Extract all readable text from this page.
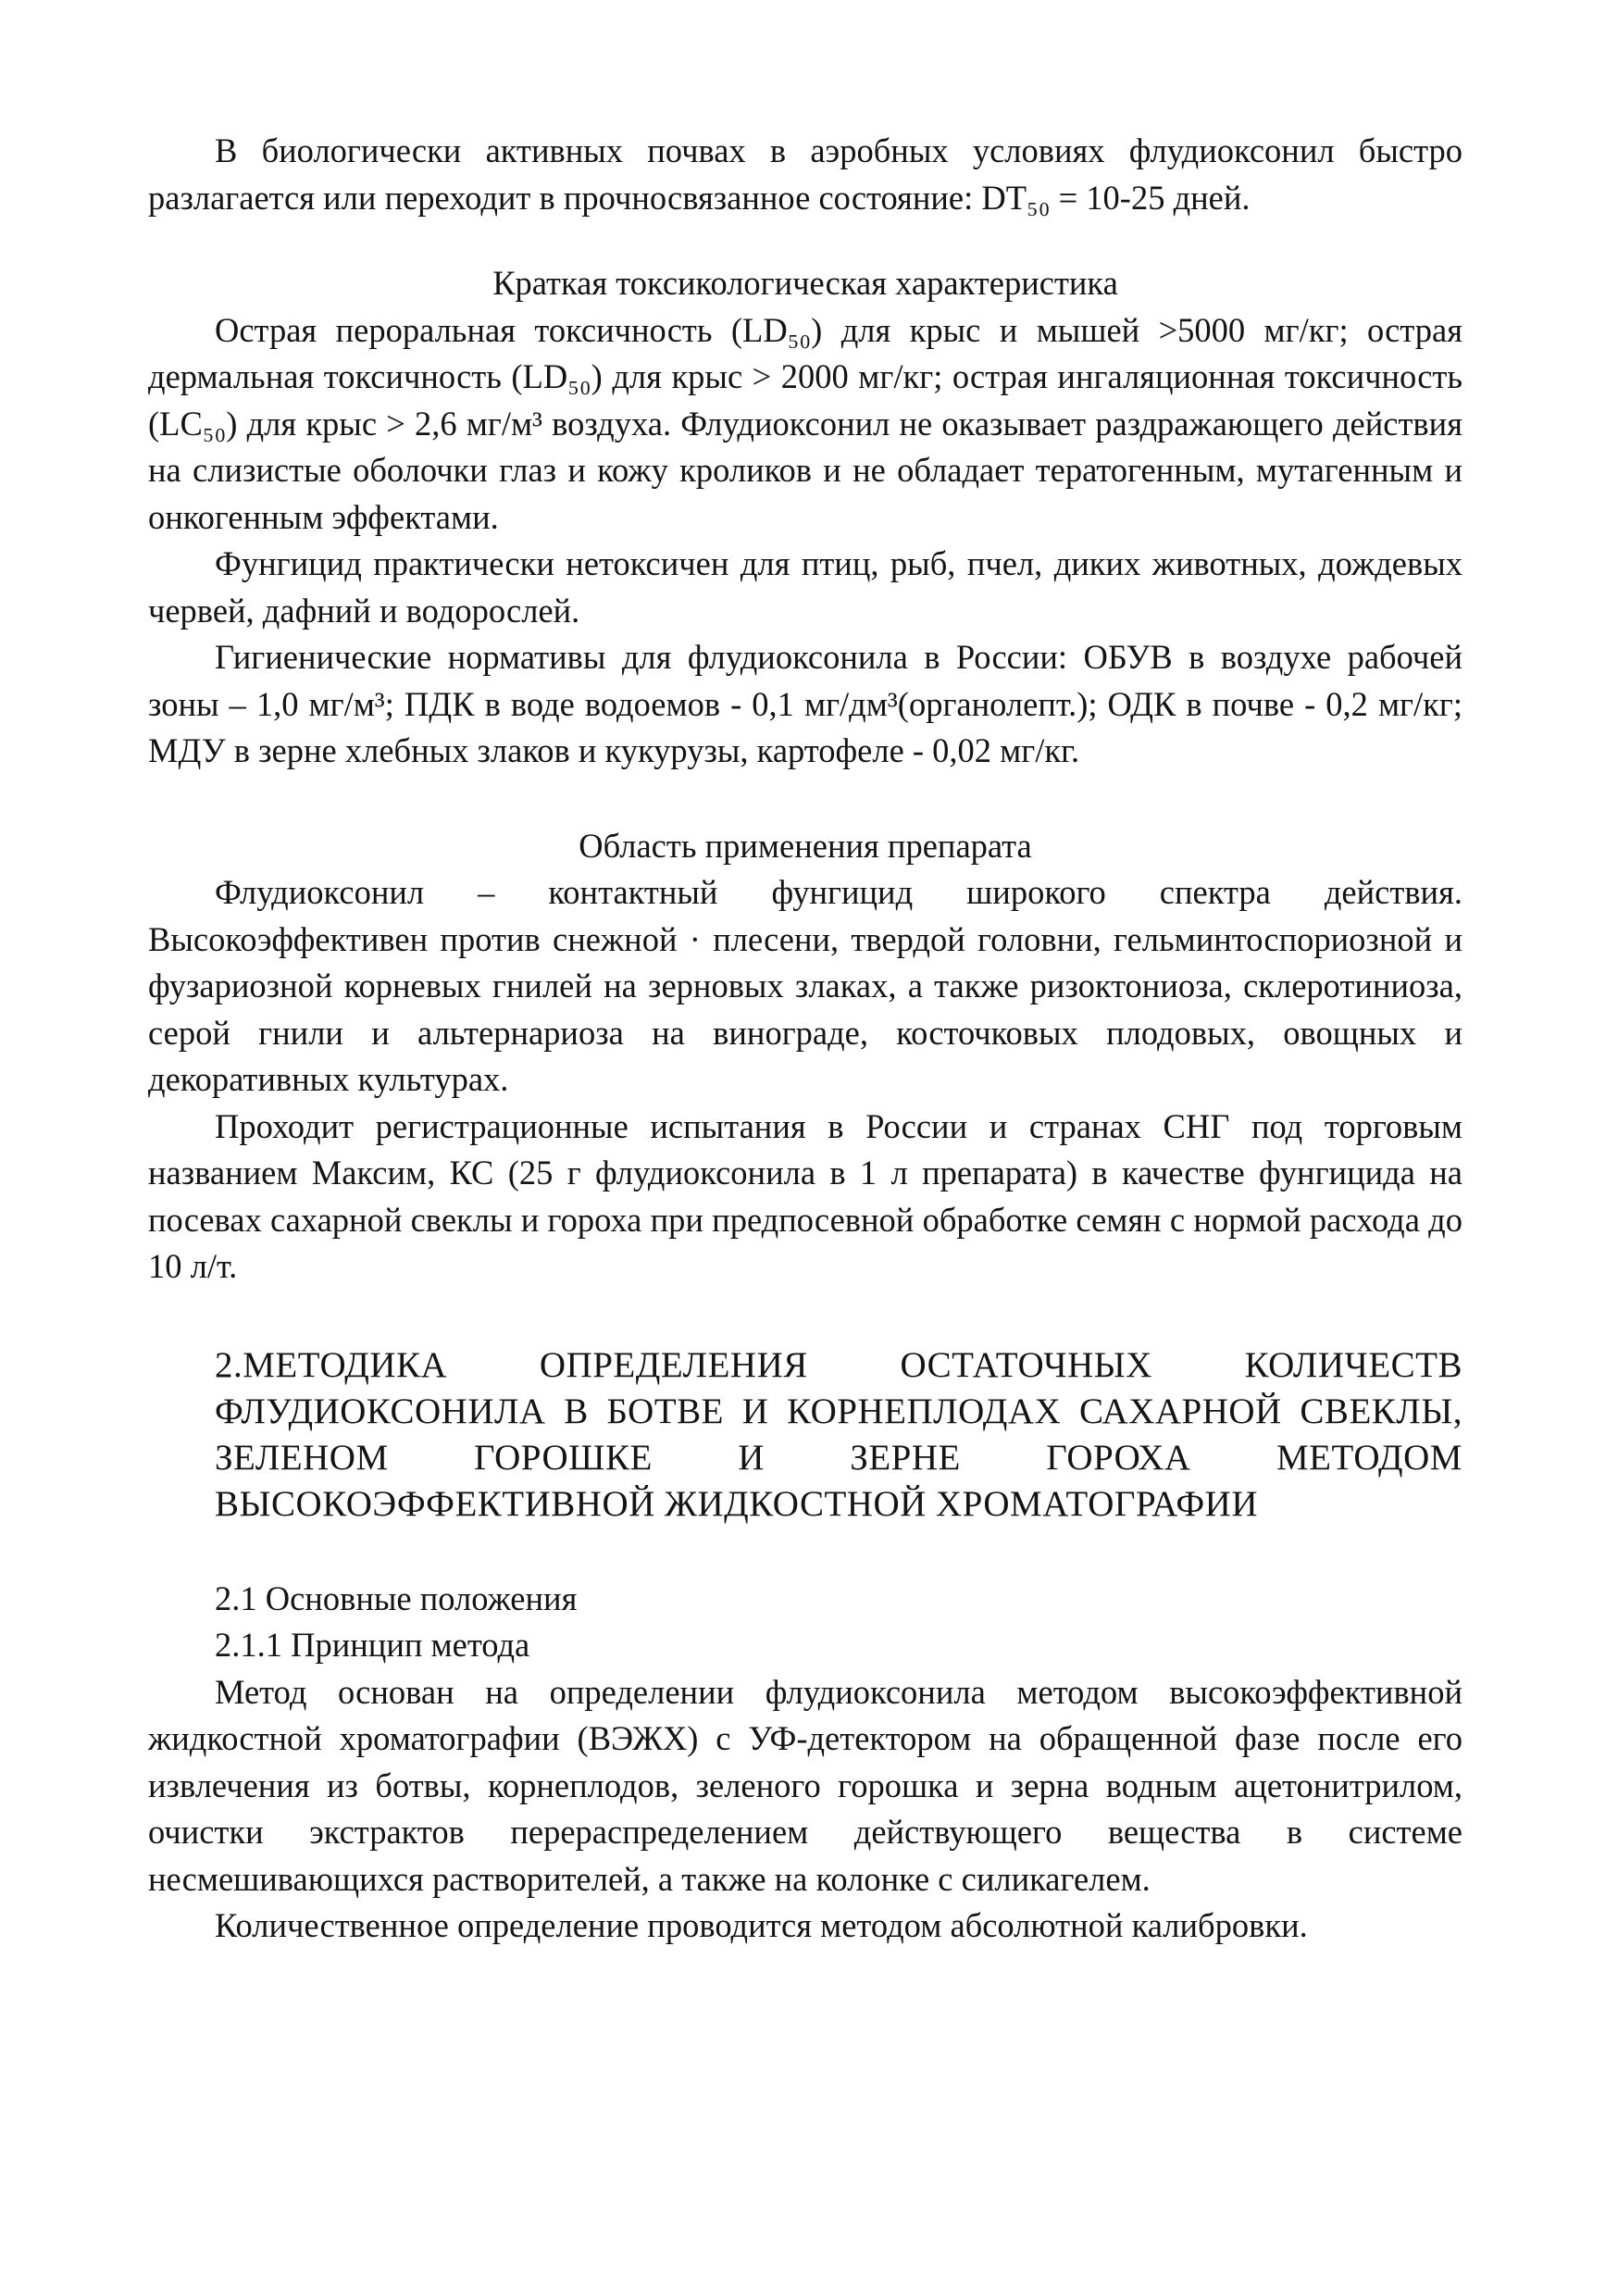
В биологически активных почвах в аэробных условиях флудиоксонил быстро разлагается или переходит в прочносвязанное состояние: DT₅₀ = 10-25 дней.

Краткая токсикологическая характеристика

Острая пероральная токсичность (LD₅₀) для крыс и мышей >5000 мг/кг; острая дермальная токсичность (LD₅₀) для крыс > 2000 мг/кг; острая ингаляционная токсичность (LC₅₀) для крыс > 2,6 мг/м³ воздуха. Флудиоксонил не оказывает раздражающего действия на слизистые оболочки глаз и кожу кроликов и не обладает тератогенным, мутагенным и онкогенным эффектами.

Фунгицид практически нетоксичен для птиц, рыб, пчел, диких животных, дождевых червей, дафний и водорослей.

Гигиенические нормативы для флудиоксонила в России: ОБУВ в воздухе рабочей зоны – 1,0 мг/м³; ПДК в воде водоемов - 0,1 мг/дм³(органолепт.); ОДК в почве - 0,2 мг/кг; МДУ в зерне хлебных злаков и кукурузы, картофеле - 0,02 мг/кг.

Область применения препарата

Флудиоксонил – контактный фунгицид широкого спектра действия. Высокоэффективен против снежной · плесени, твердой головни, гельминтоспориозной и фузариозной корневых гнилей на зерновых злаках, а также ризоктониоза, склеротиниоза, серой гнили и альтернариоза на винограде, косточковых плодовых, овощных и декоративных культурах.

Проходит регистрационные испытания в России и странах СНГ под торговым названием Максим, КС (25 г флудиоксонила в 1 л препарата) в качестве фунгицида на посевах сахарной свеклы и гороха при предпосевной обработке семян с нормой расхода до 10 л/т.

2.МЕТОДИКА ОПРЕДЕЛЕНИЯ ОСТАТОЧНЫХ КОЛИЧЕСТВ ФЛУДИОКСОНИЛА В БОТВЕ И КОРНЕПЛОДАХ САХАРНОЙ СВЕКЛЫ, ЗЕЛЕНОМ ГОРОШКЕ И ЗЕРНЕ ГОРОХА МЕТОДОМ ВЫСОКОЭФФЕКТИВНОЙ ЖИДКОСТНОЙ ХРОМАТОГРАФИИ

2.1 Основные положения

2.1.1 Принцип метода

Метод основан на определении флудиоксонила методом высокоэффективной жидкостной хроматографии (ВЭЖХ) с УФ-детектором на обращенной фазе после его извлечения из ботвы, корнеплодов, зеленого горошка и зерна водным ацетонитрилом, очистки экстрактов перераспределением действующего вещества в системе несмешивающихся растворителей, а также на колонке с силикагелем.

Количественное определение проводится методом абсолютной калибровки.
